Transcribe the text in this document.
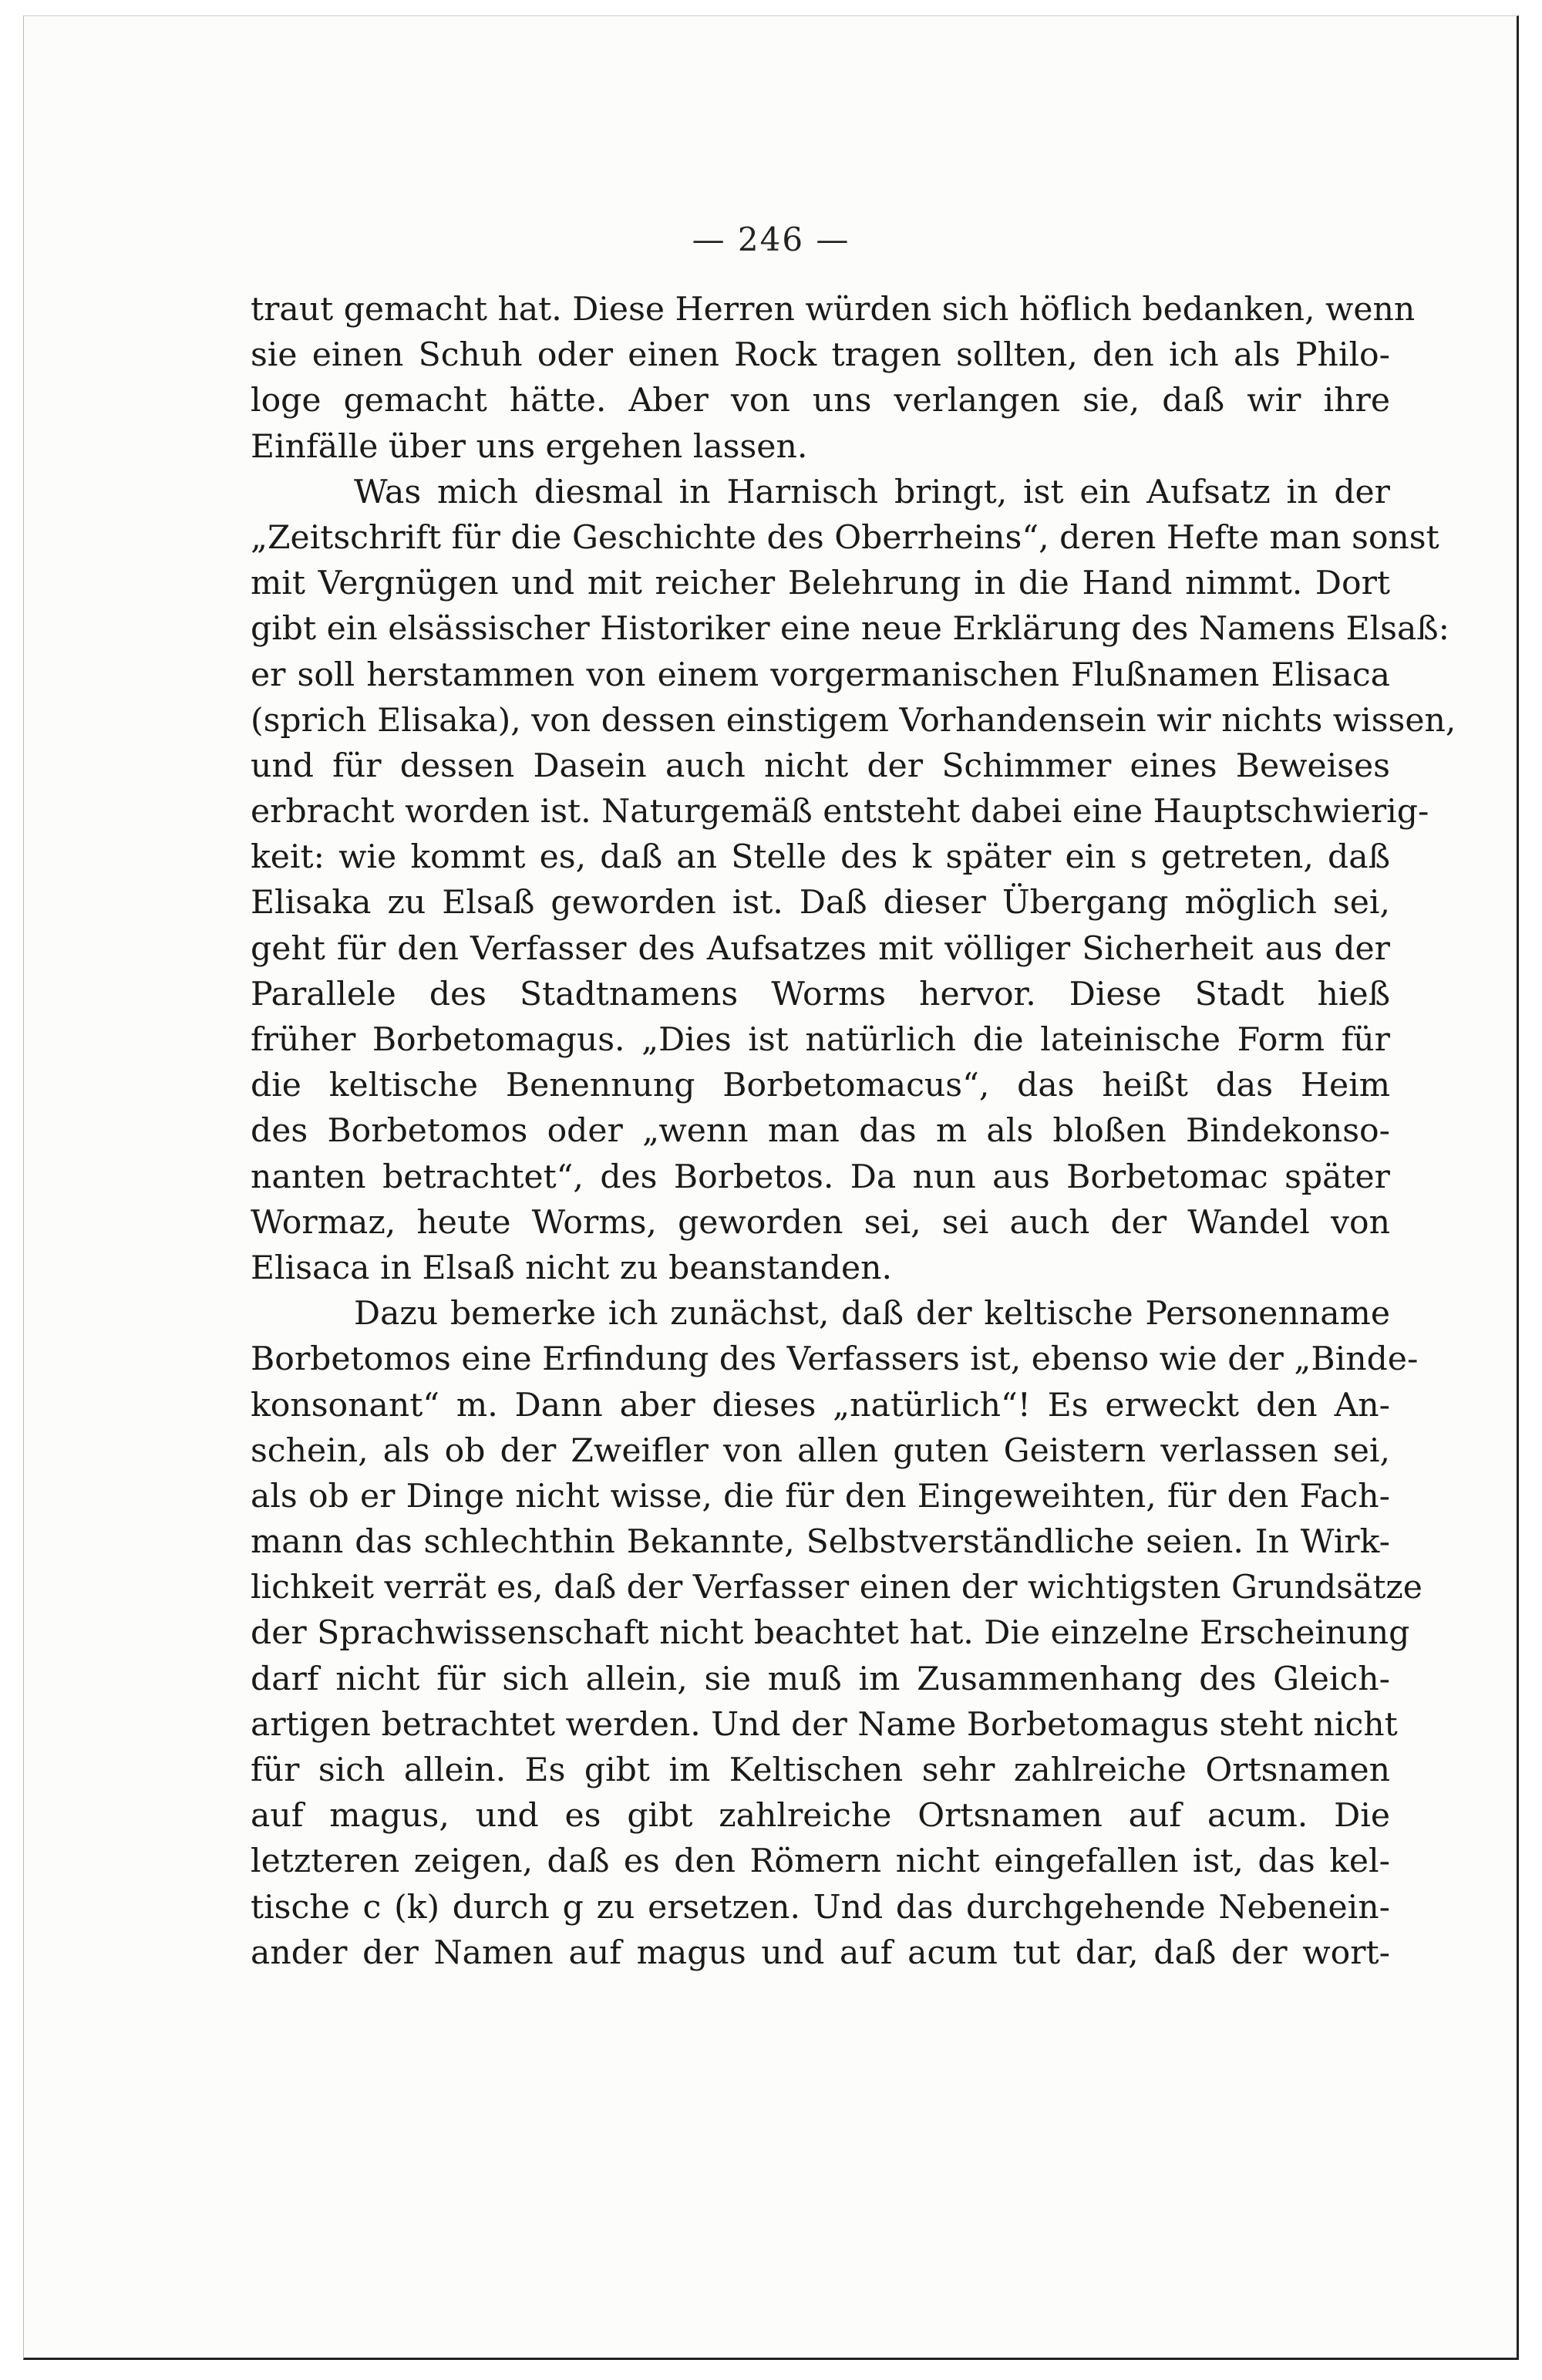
— 246 —
traut gemacht hat. Diese Herren würden sich höflich bedanken, wenn
sie einen Schuh oder einen Rock tragen sollten, den ich als Philo-
loge gemacht hätte. Aber von uns verlangen sie, daß wir ihre
Einfälle über uns ergehen lassen.
Was mich diesmal in Harnisch bringt, ist ein Aufsatz in der
„Zeitschrift für die Geschichte des Oberrheins“, deren Hefte man sonst
mit Vergnügen und mit reicher Belehrung in die Hand nimmt. Dort
gibt ein elsässischer Historiker eine neue Erklärung des Namens Elsaß:
er soll herstammen von einem vorgermanischen Flußnamen Elisaca
(sprich Elisaka), von dessen einstigem Vorhandensein wir nichts wissen,
und für dessen Dasein auch nicht der Schimmer eines Beweises
erbracht worden ist. Naturgemäß entsteht dabei eine Hauptschwierig-
keit: wie kommt es, daß an Stelle des k später ein s getreten, daß
Elisaka zu Elsaß geworden ist. Daß dieser Übergang möglich sei,
geht für den Verfasser des Aufsatzes mit völliger Sicherheit aus der
Parallele des Stadtnamens Worms hervor. Diese Stadt hieß
früher Borbetomagus. „Dies ist natürlich die lateinische Form für
die keltische Benennung Borbetomacus“, das heißt das Heim
des Borbetomos oder „wenn man das m als bloßen Bindekonso-
nanten betrachtet“, des Borbetos. Da nun aus Borbetomac später
Wormaz, heute Worms, geworden sei, sei auch der Wandel von
Elisaca in Elsaß nicht zu beanstanden.
Dazu bemerke ich zunächst, daß der keltische Personenname
Borbetomos eine Erfindung des Verfassers ist, ebenso wie der „Binde-
konsonant“ m. Dann aber dieses „natürlich“! Es erweckt den An-
schein, als ob der Zweifler von allen guten Geistern verlassen sei,
als ob er Dinge nicht wisse, die für den Eingeweihten, für den Fach-
mann das schlechthin Bekannte, Selbstverständliche seien. In Wirk-
lichkeit verrät es, daß der Verfasser einen der wichtigsten Grundsätze
der Sprachwissenschaft nicht beachtet hat. Die einzelne Erscheinung
darf nicht für sich allein, sie muß im Zusammenhang des Gleich-
artigen betrachtet werden. Und der Name Borbetomagus steht nicht
für sich allein. Es gibt im Keltischen sehr zahlreiche Ortsnamen
auf magus, und es gibt zahlreiche Ortsnamen auf acum. Die
letzteren zeigen, daß es den Römern nicht eingefallen ist, das kel-
tische c (k) durch g zu ersetzen. Und das durchgehende Nebenein-
ander der Namen auf magus und auf acum tut dar, daß der wort-
